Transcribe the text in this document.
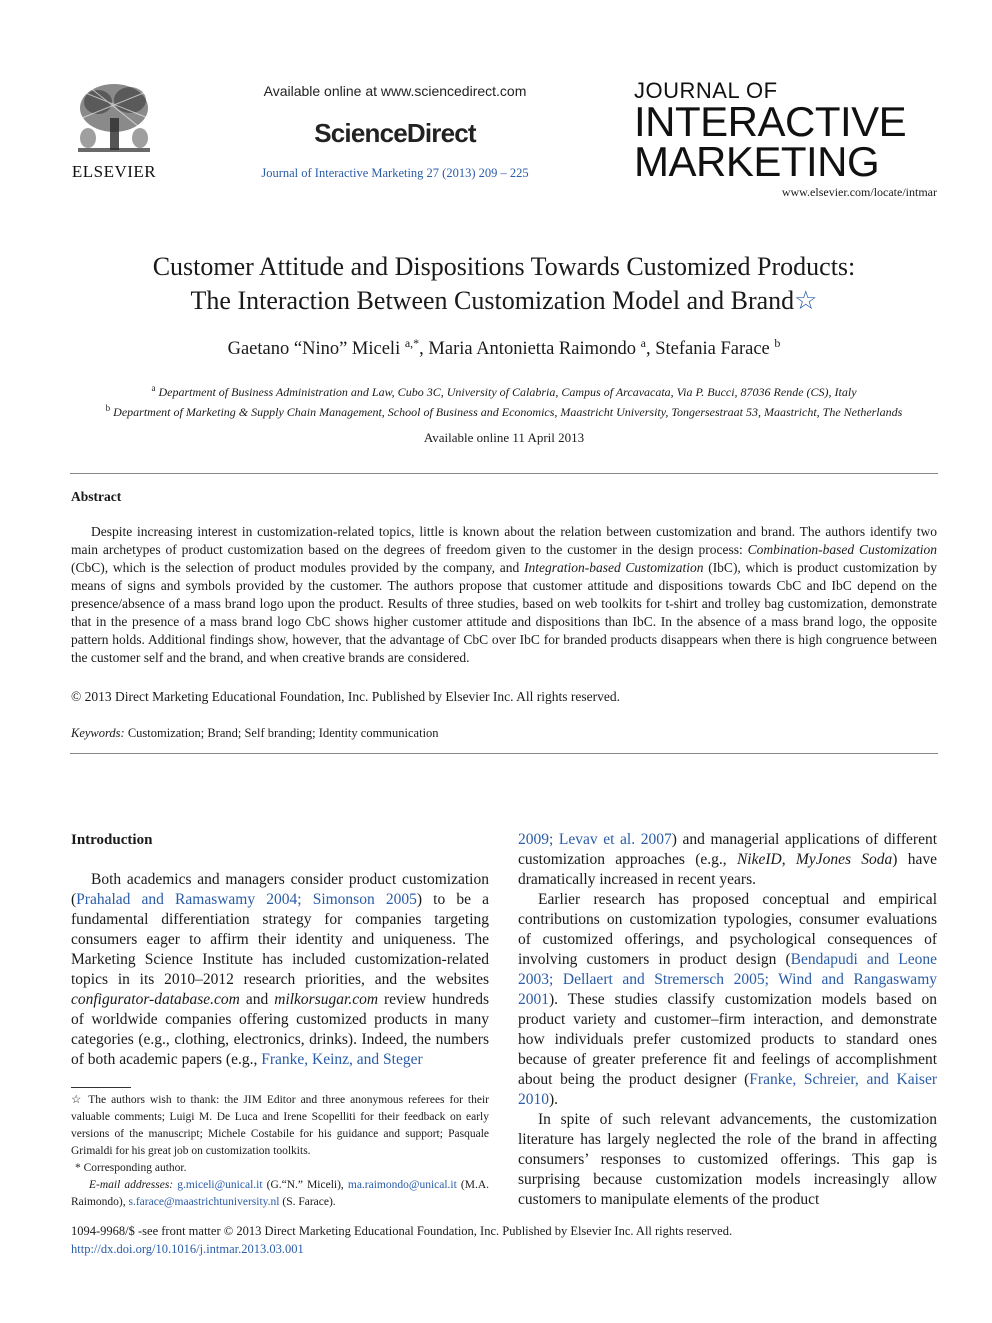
ELSEVIER
Available online at www.sciencedirect.com
ScienceDirect
Journal of Interactive Marketing 27 (2013) 209 – 225
JOURNAL OF
INTERACTIVE
MARKETING
www.elsevier.com/locate/intmar
Customer Attitude and Dispositions Towards Customized Products:
The Interaction Between Customization Model and Brand☆
Gaetano “Nino” Miceli $^{a,*}$, Maria Antonietta Raimondo $^a$, Stefania Farace $^b$
$^a$ Department of Business Administration and Law, Cubo 3C, University of Calabria, Campus of Arcavacata, Via P. Bucci, 87036 Rende (CS), Italy
$^b$ Department of Marketing & Supply Chain Management, School of Business and Economics, Maastricht University, Tongersestraat 53, Maastricht, The Netherlands
Available online 11 April 2013
Abstract

Despite increasing interest in customization-related topics, little is known about the relation between customization and brand. The authors identify two main archetypes of product customization based on the degrees of freedom given to the customer in the design process: Combination-based Customization (CbC), which is the selection of product modules provided by the company, and Integration-based Customization (IbC), which is product customization by means of signs and symbols provided by the customer. The authors propose that customer attitude and dispositions towards CbC and IbC depend on the presence/absence of a mass brand logo upon the product. Results of three studies, based on web toolkits for t-shirt and trolley bag customization, demonstrate that in the presence of a mass brand logo CbC shows higher customer attitude and dispositions than IbC. In the absence of a mass brand logo, the opposite pattern holds. Additional findings show, however, that the advantage of CbC over IbC for branded products disappears when there is high congruence between the customer self and the brand, and when creative brands are considered.

© 2013 Direct Marketing Educational Foundation, Inc. Published by Elsevier Inc. All rights reserved.
Keywords: Customization; Brand; Self branding; Identity communication
Introduction

Both academics and managers consider product customization (Prahalad and Ramaswamy 2004; Simonson 2005) to be a fundamental differentiation strategy for companies targeting consumers eager to affirm their identity and uniqueness. The Marketing Science Institute has included customization-related topics in its 2010–2012 research priorities, and the websites configurator-database.com and milkorsugar.com review hundreds of worldwide companies offering customized products in many categories (e.g., clothing, electronics, drinks). Indeed, the numbers of both academic papers (e.g., Franke, Keinz, and Steger

2009; Levav et al. 2007) and managerial applications of different customization approaches (e.g., NikeID, MyJones Soda) have dramatically increased in recent years.

Earlier research has proposed conceptual and empirical contributions on customization typologies, consumer evaluations of customized offerings, and psychological consequences of involving customers in product design (Bendapudi and Leone 2003; Dellaert and Stremersch 2005; Wind and Rangaswamy 2001). These studies classify customization models based on product variety and customer–firm interaction, and demonstrate how individuals prefer customized products to standard ones because of greater preference fit and feelings of accomplishment about being the product designer (Franke, Schreier, and Kaiser 2010).

In spite of such relevant advancements, the customization literature has largely neglected the role of the brand in affecting consumers’ responses to customized offerings. This gap is surprising because customization models increasingly allow customers to manipulate elements of the product

☆ The authors wish to thank: the JIM Editor and three anonymous referees for their valuable comments; Luigi M. De Luca and Irene Scopelliti for their feedback on early versions of the manuscript; Michele Costabile for his guidance and support; Pasquale Grimaldi for his great job on customization toolkits.

* Corresponding author.

E-mail addresses: g.miceli@unical.it (G.“N.” Miceli), ma.raimondo@unical.it (M.A. Raimondo), s.farace@maastrichtuniversity.nl (S. Farace).

1094-9968/$ -see front matter © 2013 Direct Marketing Educational Foundation, Inc. Published by Elsevier Inc. All rights reserved.
http://dx.doi.org/10.1016/j.intmar.2013.03.001
